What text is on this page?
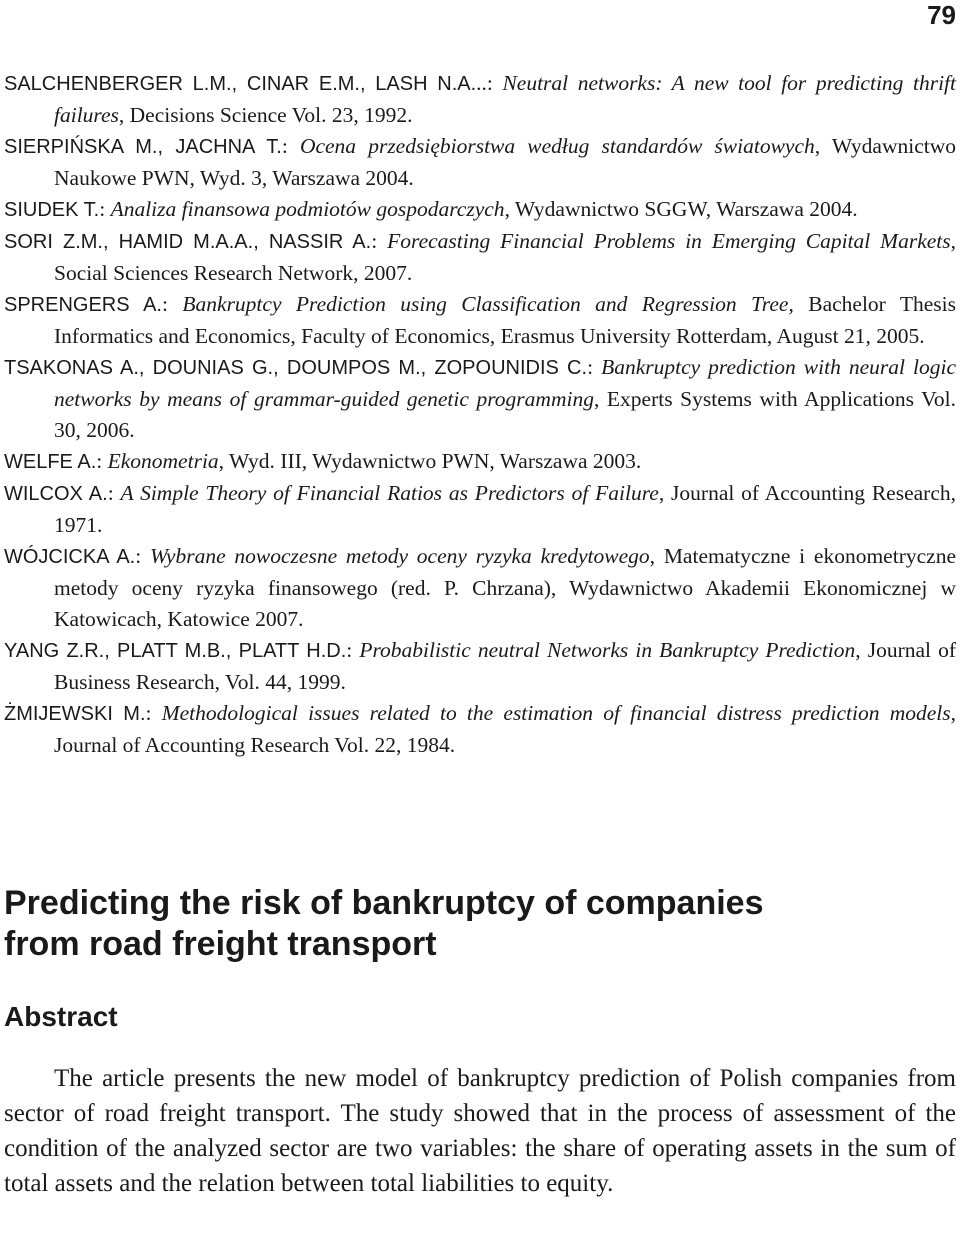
79

SALCHENBERGER L.M., CINAR E.M., LASH N.A...: Neutral networks: A new tool for predicting thrift failures, Decisions Science Vol. 23, 1992.

SIERPIŃSKA M., JACHNA T.: Ocena przedsiębiorstwa według standardów światowych, Wydawnictwo Naukowe PWN, Wyd. 3, Warszawa 2004.

SIUDEK T.: Analiza finansowa podmiotów gospodarczych, Wydawnictwo SGGW, Warszawa 2004.

SORI Z.M., HAMID M.A.A., NASSIR A.: Forecasting Financial Problems in Emerging Capital Markets, Social Sciences Research Network, 2007.

SPRENGERS A.: Bankruptcy Prediction using Classification and Regression Tree, Bachelor Thesis Informatics and Economics, Faculty of Economics, Erasmus University Rotterdam, August 21, 2005.

TSAKONAS A., DOUNIAS G., DOUMPOS M., ZOPOUNIDIS C.: Bankruptcy prediction with neural logic networks by means of grammar-guided genetic programming, Experts Systems with Applications Vol. 30, 2006.

WELFE A.: Ekonometria, Wyd. III, Wydawnictwo PWN, Warszawa 2003.

WILCOX A.: A Simple Theory of Financial Ratios as Predictors of Failure, Journal of Accounting Research, 1971.

WÓJCICKA A.: Wybrane nowoczesne metody oceny ryzyka kredytowego, Matematyczne i ekonometryczne metody oceny ryzyka finansowego (red. P. Chrzana), Wydawnictwo Akademii Ekonomicznej w Katowicach, Katowice 2007.

YANG Z.R., PLATT M.B., PLATT H.D.: Probabilistic neutral Networks in Bankruptcy Prediction, Journal of Business Research, Vol. 44, 1999.

ŻMIJEWSKI M.: Methodological issues related to the estimation of financial distress prediction models, Journal of Accounting Research Vol. 22, 1984.

Predicting the risk of bankruptcy of companies
from road freight transport
Abstract

The article presents the new model of bankruptcy prediction of Polish companies from sector of road freight transport. The study showed that in the process of assessment of the condition of the analyzed sector are two variables: the share of operating assets in the sum of total assets and the relation between total liabilities to equity.
